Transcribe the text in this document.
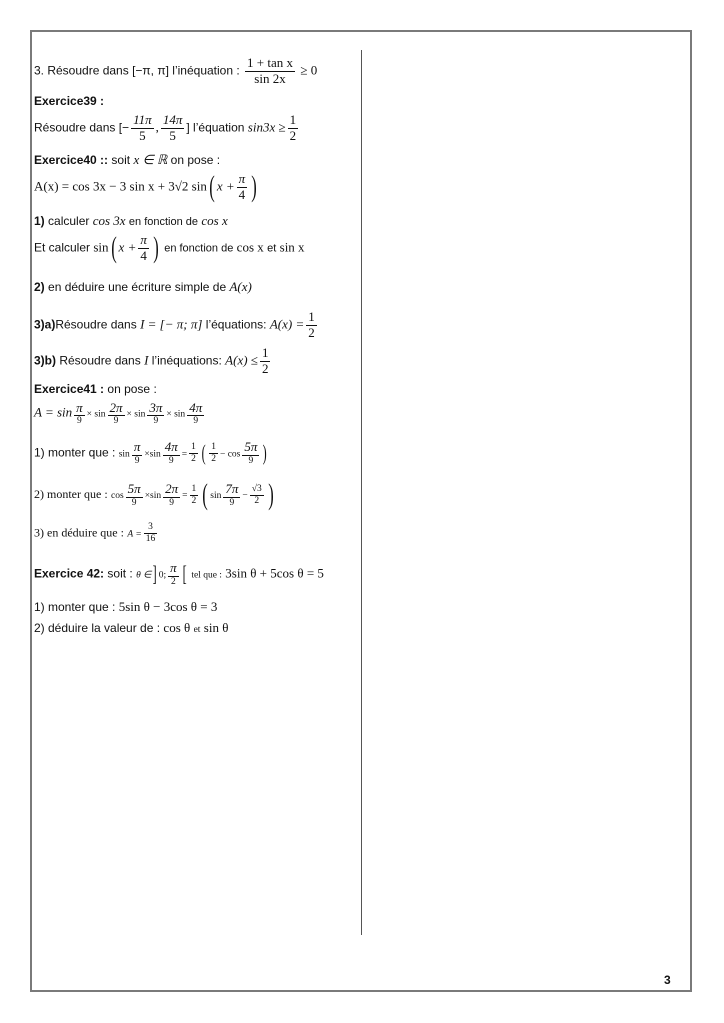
3
3. Résoudre dans [−π, π] l’inéquation : $\frac{\text{1 + tan x}}{\sin 2x} \ge 0$
Exercice39 :
Résoudre dans [− $\frac{11\pi}{5}$ , $\frac{14\pi}{5}$ ] l’équation $\sin 3x \ge \frac{1}{2}$
Exercice40 :: soit x ∈ ℝ on pose :
A(x) = cos 3x − 3 sin x + 3√2 sin( $x + \frac{\pi}{4}$ )
1) calculer cos 3x en fonction de cos x
Et calculer sin( $x + \frac{\pi}{4}$ ) en fonction de cos x et sin x
2) en déduire une écriture simple de A(x)
3)a)Résoudre dans I = [− π; π] l’équations: $A(x) = \frac{1}{2}$
3)b) Résoudre dans I l’inéquations: $A(x) \le \frac{1}{2}$
Exercice41 : on pose :
$A = \sin \frac{\pi}{9} \times \sin \frac{2\pi}{9} \times \sin \frac{3\pi}{9} \times \sin \frac{4\pi}{9}$
1) monter que : $\sin \frac{\pi}{9} \times\sin \frac{4\pi}{9} = \frac{1}{2}$ ( $\frac{1}{2} - \cos \frac{5\pi}{9}$ )
2) monter que : $\cos \frac{5\pi}{9} \times\sin \frac{2\pi}{9} = \frac{1}{2}$ ( $\sin \frac{7\pi}{9} - \frac{√3}{2}$ )
3) en déduire que : $A = \frac{3}{16}$
Exercice 42: soit : θ ∈] 0; $\frac{\pi}{2}$ [ tel que : 3sin θ + 5cos θ = 5
1) monter que : 5sin θ − 3cos θ = 3
2) déduire la valeur de : cos θ et sin θ
